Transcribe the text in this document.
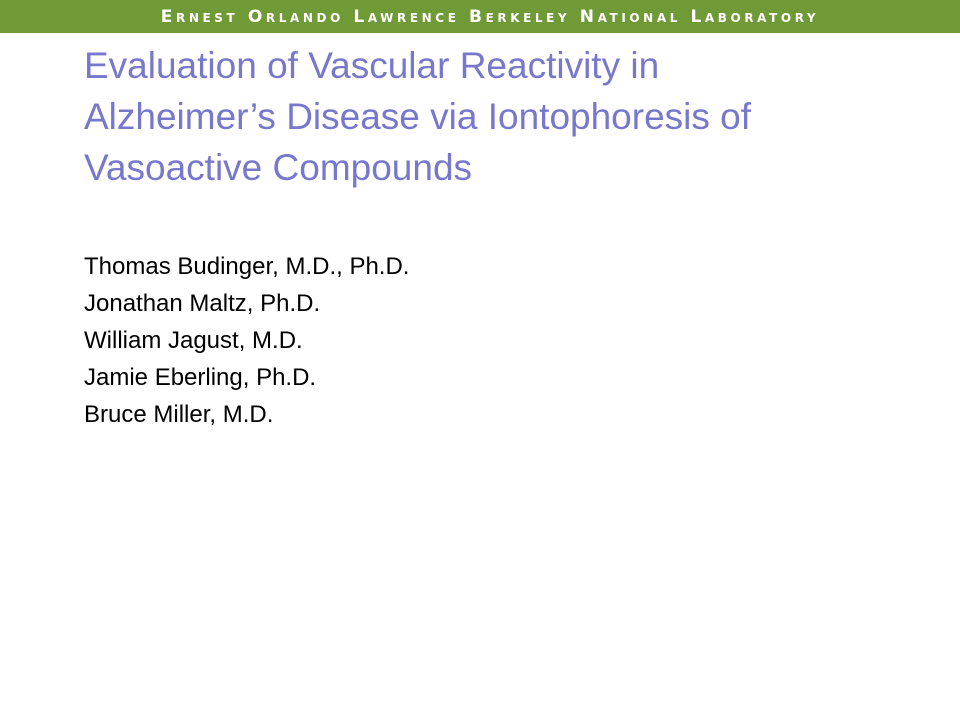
Ernest Orlando Lawrence Berkeley National Laboratory
Evaluation of Vascular Reactivity in
Alzheimer’s Disease via Iontophoresis of
Vasoactive Compounds
Thomas Budinger, M.D., Ph.D.
Jonathan Maltz, Ph.D.
William Jagust, M.D.
Jamie Eberling, Ph.D.
Bruce Miller, M.D.
